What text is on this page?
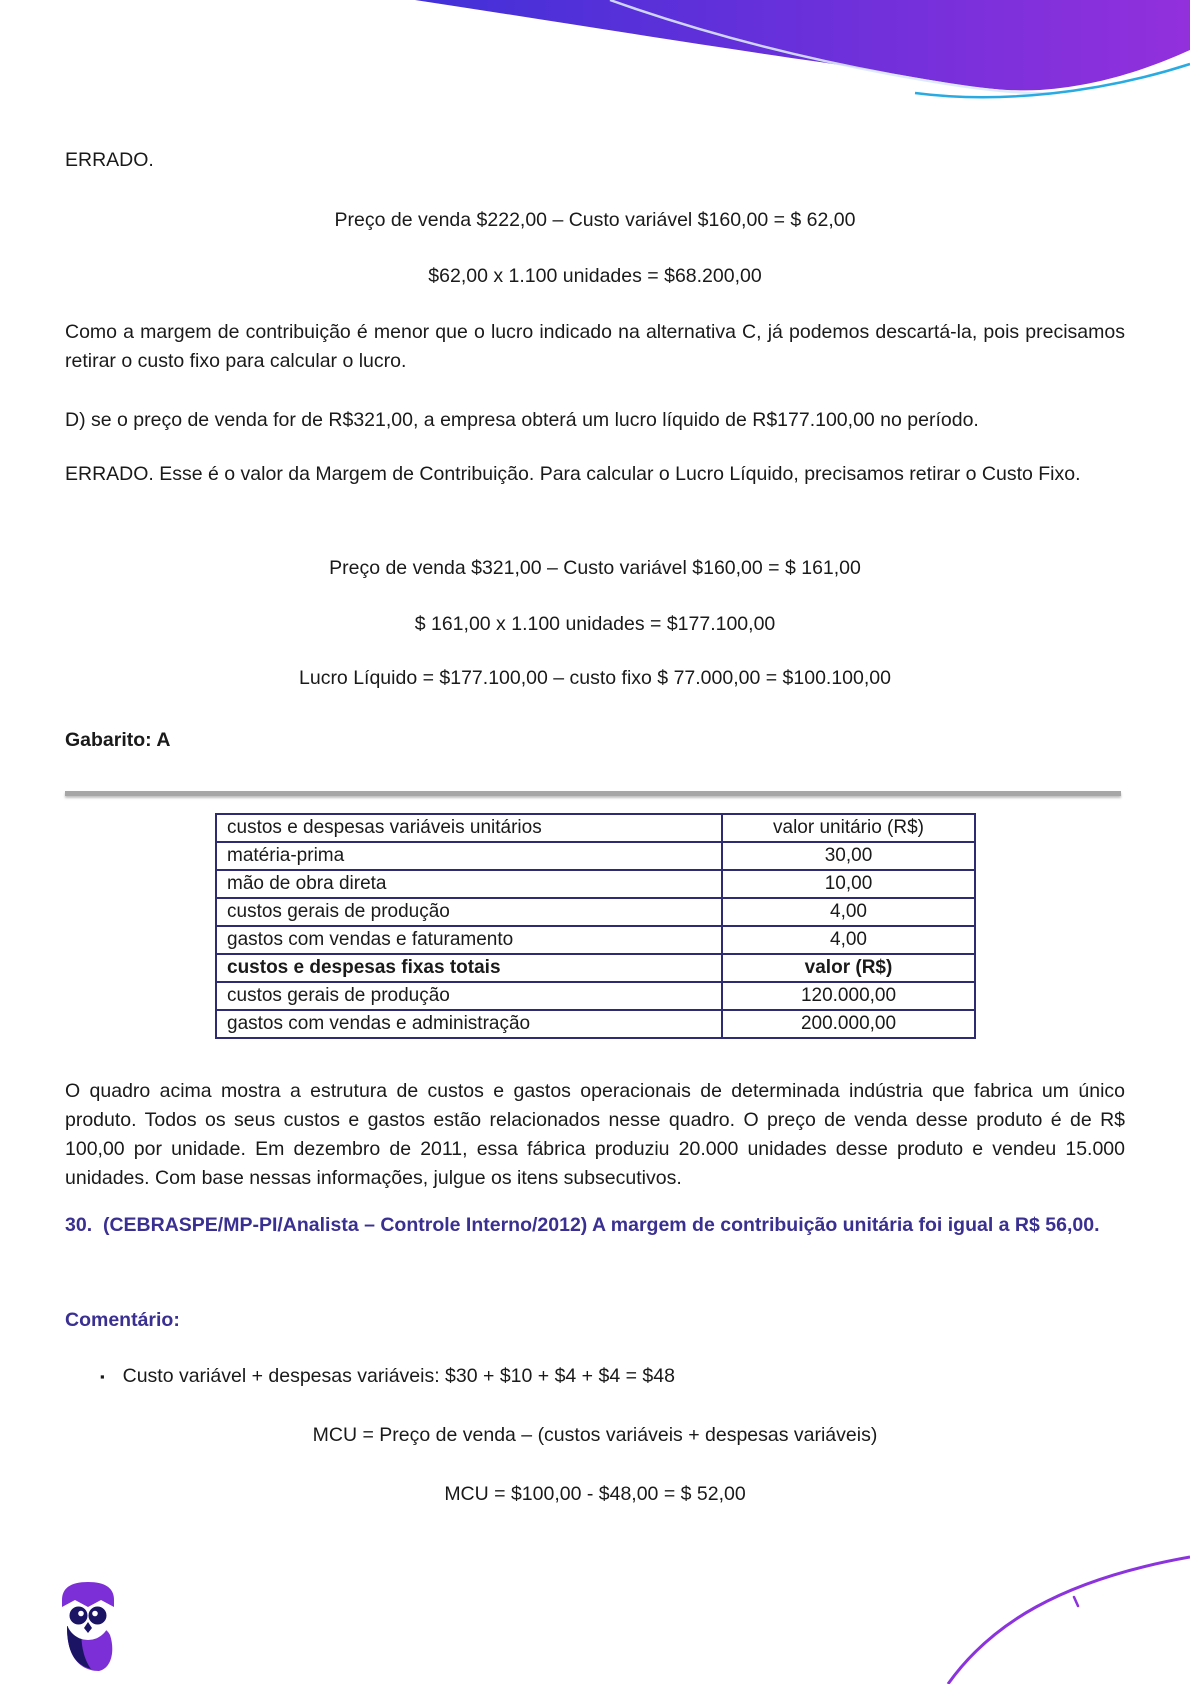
ERRADO.
Preço de venda $222,00 – Custo variável $160,00 = $ 62,00
$62,00 x 1.100 unidades = $68.200,00
Como a margem de contribuição é menor que o lucro indicado na alternativa C, já podemos descartá-la, pois precisamos retirar o custo fixo para calcular o lucro.
D) se o preço de venda for de R$321,00, a empresa obterá um lucro líquido de R$177.100,00 no período.
ERRADO. Esse é o valor da Margem de Contribuição. Para calcular o Lucro Líquido, precisamos retirar o Custo Fixo.
Preço de venda $321,00 – Custo variável $160,00 = $ 161,00
$ 161,00 x 1.100 unidades = $177.100,00
Lucro Líquido = $177.100,00 – custo fixo $ 77.000,00 = $100.100,00
Gabarito: A
custos e despesas variáveis unitários	valor unitário (R$)
matéria-prima	30,00
mão de obra direta	10,00
custos gerais de produção	4,00
gastos com vendas e faturamento	4,00
custos e despesas fixas totais	valor (R$)
custos gerais de produção	120.000,00
gastos com vendas e administração	200.000,00
O quadro acima mostra a estrutura de custos e gastos operacionais de determinada indústria que fabrica um único produto. Todos os seus custos e gastos estão relacionados nesse quadro. O preço de venda desse produto é de R$ 100,00 por unidade. Em dezembro de 2011, essa fábrica produziu 20.000 unidades desse produto e vendeu 15.000 unidades. Com base nessas informações, julgue os itens subsecutivos.
30. (CEBRASPE/MP-PI/Analista – Controle Interno/2012) A margem de contribuição unitária foi igual a R$ 56,00.
Comentário:
▪ Custo variável + despesas variáveis: $30 + $10 + $4 + $4 = $48
MCU = Preço de venda – (custos variáveis + despesas variáveis)
MCU = $100,00 - $48,00 = $ 52,00
